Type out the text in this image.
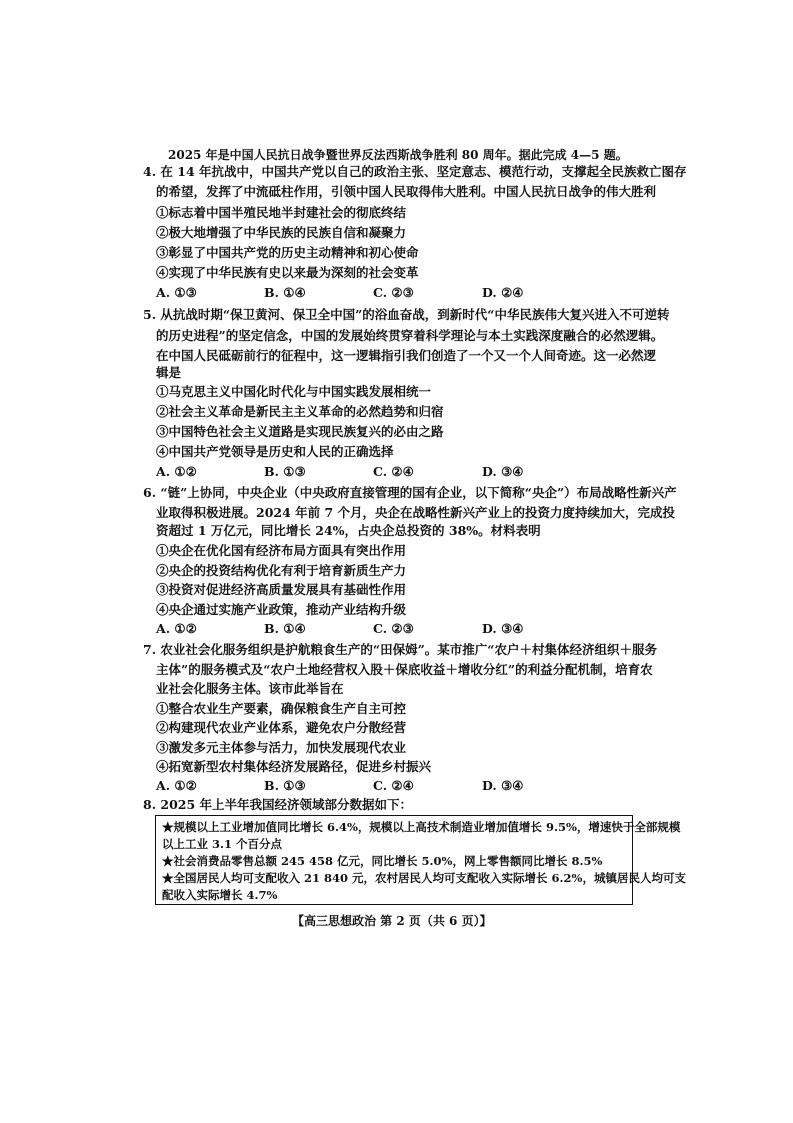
2025 年是中国人民抗日战争暨世界反法西斯战争胜利 80 周年。据此完成 4—5 题。
4. 在 14 年抗战中，中国共产党以自己的政治主张、坚定意志、模范行动，支撑起全民族救亡图存
的希望，发挥了中流砥柱作用，引领中国人民取得伟大胜利。中国人民抗日战争的伟大胜利
①标志着中国半殖民地半封建社会的彻底终结
②极大地增强了中华民族的民族自信和凝聚力
③彰显了中国共产党的历史主动精神和初心使命
④实现了中华民族有史以来最为深刻的社会变革
A. ①③	B. ①④	C. ②③	D. ②④
5. 从抗战时期“保卫黄河、保卫全中国”的浴血奋战，到新时代“中华民族伟大复兴进入不可逆转
的历史进程”的坚定信念，中国的发展始终贯穿着科学理论与本土实践深度融合的必然逻辑。
在中国人民砥砺前行的征程中，这一逻辑指引我们创造了一个又一个人间奇迹。这一必然逻
辑是
①马克思主义中国化时代化与中国实践发展相统一
②社会主义革命是新民主主义革命的必然趋势和归宿
③中国特色社会主义道路是实现民族复兴的必由之路
④中国共产党领导是历史和人民的正确选择
A. ①②	B. ①③	C. ②④	D. ③④
6. “链”上协同，中央企业（中央政府直接管理的国有企业，以下简称“央企”）布局战略性新兴产
业取得积极进展。2024 年前 7 个月，央企在战略性新兴产业上的投资力度持续加大，完成投
资超过 1 万亿元，同比增长 24%，占央企总投资的 38%。材料表明
①央企在优化国有经济布局方面具有突出作用
②央企的投资结构优化有利于培育新质生产力
③投资对促进经济高质量发展具有基础性作用
④央企通过实施产业政策，推动产业结构升级
A. ①②	B. ①④	C. ②③	D. ③④
7. 农业社会化服务组织是护航粮食生产的“田保姆”。某市推广“农户＋村集体经济组织＋服务
主体”的服务模式及“农户土地经营权入股＋保底收益＋增收分红”的利益分配机制，培育农
业社会化服务主体。该市此举旨在
①整合农业生产要素，确保粮食生产自主可控
②构建现代农业产业体系，避免农户分散经营
③激发多元主体参与活力，加快发展现代农业
④拓宽新型农村集体经济发展路径，促进乡村振兴
A. ①②	B. ①③	C. ②④	D. ③④
8. 2025 年上半年我国经济领域部分数据如下：
★规模以上工业增加值同比增长 6.4%，规模以上高技术制造业增加值增长 9.5%，增速快于全部规模
以上工业 3.1 个百分点
★社会消费品零售总额 245 458 亿元，同比增长 5.0%，网上零售额同比增长 8.5%
★全国居民人均可支配收入 21 840 元，农村居民人均可支配收入实际增长 6.2%，城镇居民人均可支
配收入实际增长 4.7%
【高三思想政治 第 2 页（共 6 页）】
